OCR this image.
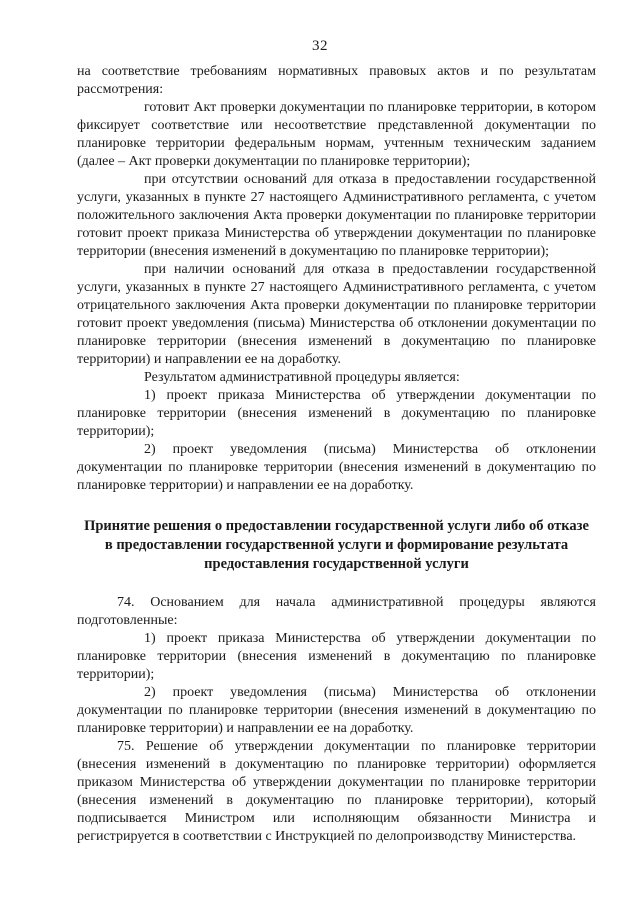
32

на соответствие требованиям нормативных правовых актов и по результатам рассмотрения:

готовит Акт проверки документации по планировке территории, в котором фиксирует соответствие или несоответствие представленной документации по планировке территории федеральным нормам, учтенным техническим заданием (далее – Акт проверки документации по планировке территории);

при отсутствии оснований для отказа в предоставлении государственной услуги, указанных в пункте 27 настоящего Административного регламента, с учетом положительного заключения Акта проверки документации по планировке территории готовит проект приказа Министерства об утверждении документации по планировке территории (внесения изменений в документацию по планировке территории);

при наличии оснований для отказа в предоставлении государственной услуги, указанных в пункте 27 настоящего Административного регламента, с учетом отрицательного заключения Акта проверки документации по планировке территории готовит проект уведомления (письма) Министерства об отклонении документации по планировке территории (внесения изменений в документацию по планировке территории) и направлении ее на доработку.

Результатом административной процедуры является:

1) проект приказа Министерства об утверждении документации по планировке территории (внесения изменений в документацию по планировке территории);

2) проект уведомления (письма) Министерства об отклонении документации по планировке территории (внесения изменений в документацию по планировке территории) и направлении ее на доработку.

Принятие решения о предоставлении государственной услуги либо об отказе
в предоставлении государственной услуги и формирование результата
предоставления государственной услуги

74. Основанием для начала административной процедуры являются подготовленные:

1) проект приказа Министерства об утверждении документации по планировке территории (внесения изменений в документацию по планировке территории);

2) проект уведомления (письма) Министерства об отклонении документации по планировке территории (внесения изменений в документацию по планировке территории) и направлении ее на доработку.

75. Решение об утверждении документации по планировке территории (внесения изменений в документацию по планировке территории) оформляется приказом Министерства об утверждении документации по планировке территории (внесения изменений в документацию по планировке территории), который подписывается Министром или исполняющим обязанности Министра и регистрируется в соответствии с Инструкцией по делопроизводству Министерства.
